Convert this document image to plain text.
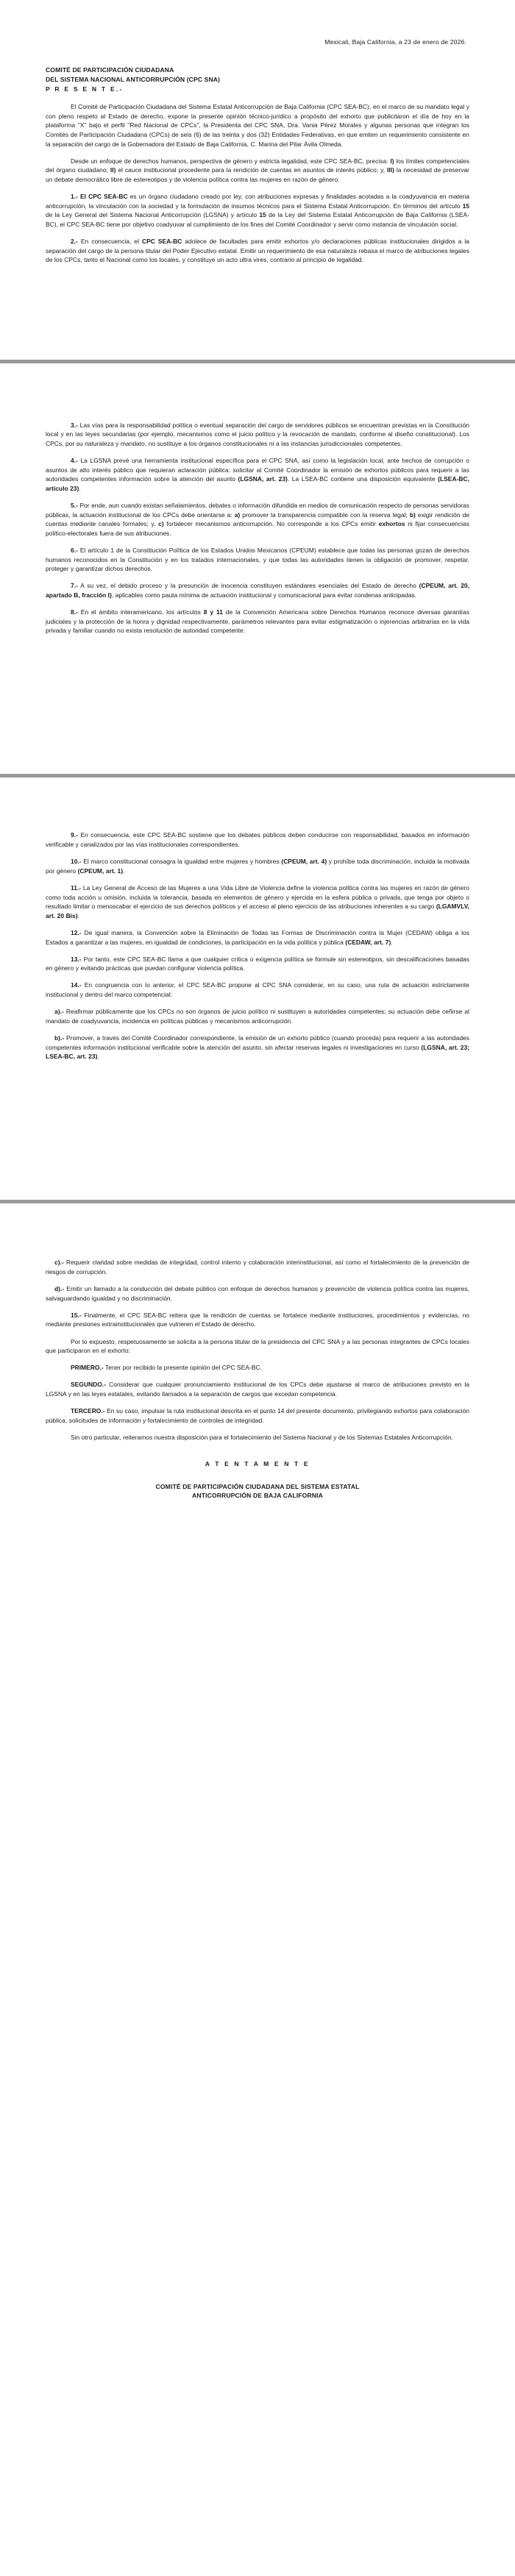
Mexicali, Baja California, a 23 de enero de 2026.
COMITÉ DE PARTICIPACIÓN CIUDADANA
DEL SISTEMA NACIONAL ANTICORRUPCIÓN (CPC SNA)
P R E S E N T E.-

El Comité de Participación Ciudadana del Sistema Estatal Anticorrupción de Baja California (CPC SEA-BC), en el marco de su mandato legal y con pleno respeto al Estado de derecho, expone la presente opinión técnico-jurídico a propósito del exhorto que publicitaron el día de hoy en la plataforma "X" bajo el perfil "Red Nacional de CPCs", la Presidenta del CPC SNA, Dra. Vania Pérez Morales y algunas personas que integran los Comités de Participación Ciudadana (CPCs) de seis (6) de las treinta y dos (32) Entidades Federativas, en que emiten un requerimiento consistente en la separación del cargo de la Gobernadora del Estado de Baja California, C. Marina del Pilar Ávila Olmeda.

Desde un enfoque de derechos humanos, perspectiva de género y estricta legalidad, este CPC SEA-BC, precisa: I) los límites competenciales del órgano ciudadano; II) el cauce institucional procedente para la rendición de cuentas en asuntos de interés público; y, III) la necesidad de preservar un debate democrático libre de estereotipos y de violencia política contra las mujeres en razón de género.

1.- El CPC SEA-BC es un órgano ciudadano creado por ley, con atribuciones expresas y finalidades acotadas a la coadyuvancia en materia anticorrupción, la vinculación con la sociedad y la formulación de insumos técnicos para el Sistema Estatal Anticorrupción. En términos del artículo 15 de la Ley General del Sistema Nacional Anticorrupción (LGSNA) y artículo 15 de la Ley del Sistema Estatal Anticorrupción de Baja California (LSEA-BC), el CPC SEA-BC tiene por objetivo coadyuvar al cumplimiento de los fines del Comité Coordinador y servir como instancia de vinculación social.

2.- En consecuencia, el CPC SEA-BC adolece de facultades para emitir exhortos y/o declaraciones públicas institucionales dirigidos a la separación del cargo de la persona titular del Poder Ejecutivo estatal. Emitir un requerimiento de esa naturaleza rebasa el marco de atribuciones legales de los CPCs, tanto el Nacional como los locales, y constituye un acto ultra vires, contrario al principio de legalidad.

3.- Las vías para la responsabilidad política o eventual separación del cargo de servidores públicos se encuentran previstas en la Constitución local y en las leyes secundarias (por ejemplo, mecanismos como el juicio político y la revocación de mandato, conforme al diseño constitucional). Los CPCs, por su naturaleza y mandato, no sustituye a los órganos constitucionales ni a las instancias jurisdiccionales competentes.

4.- La LGSNA prevé una herramienta institucional específica para el CPC SNA, así como la legislación local, ante hechos de corrupción o asuntos de alto interés público que requieran aclaración pública: solicitar al Comité Coordinador la emisión de exhortos públicos para requerir a las autoridades competentes información sobre la atención del asunto (LGSNA, art. 23). La LSEA-BC contiene una disposición equivalente (LSEA-BC, artículo 23).

5.- Por ende, aun cuando existan señalamientos, debates o información difundida en medios de comunicación respecto de personas servidoras públicas, la actuación institucional de los CPCs debe orientarse a: a) promover la transparencia compatible con la reserva legal; b) exigir rendición de cuentas mediante canales formales; y, c) fortalecer mecanismos anticorrupción. No corresponde a los CPCs emitir exhortos ni fijar consecuencias político-electorales fuera de sus atribuciones.

6.- El artículo 1 de la Constitución Política de los Estados Unidos Mexicanos (CPEUM) establece que todas las personas gozan de derechos humanos reconocidos en la Constitución y en los tratados internacionales, y que todas las autoridades tienen la obligación de promover, respetar, proteger y garantizar dichos derechos.

7.- A su vez, el debido proceso y la presunción de inocencia constituyen estándares esenciales del Estado de derecho (CPEUM, art. 20, apartado B, fracción I), aplicables como pauta mínima de actuación institucional y comunicacional para evitar condenas anticipadas.

8.- En el ámbito interamericano, los artículos 8 y 11 de la Convención Americana sobre Derechos Humanos reconoce diversas garantías judiciales y la protección de la honra y dignidad respectivamente, parámetros relevantes para evitar estigmatización o injerencias arbitrarias en la vida privada y familiar cuando no exista resolución de autoridad competente.

9.- En consecuencia, este CPC SEA-BC sostiene que los debates públicos deben conducirse con responsabilidad, basados en información verificable y canalizados por las vías institucionales correspondientes.

10.- El marco constitucional consagra la igualdad entre mujeres y hombres (CPEUM, art. 4) y prohíbe toda discriminación, incluida la motivada por género (CPEUM, art. 1).

11.- La Ley General de Acceso de las Mujeres a una Vida Libre de Violencia define la violencia política contra las mujeres en razón de género como toda acción u omisión, incluida la tolerancia, basada en elementos de género y ejercida en la esfera pública o privada, que tenga por objeto o resultado limitar o menoscabar el ejercicio de sus derechos políticos y el acceso al pleno ejercicio de las atribuciones inherentes a su cargo (LGAMVLV, art. 20 Bis).

12.- De igual manera, la Convención sobre la Eliminación de Todas las Formas de Discriminación contra la Mujer (CEDAW) obliga a los Estados a garantizar a las mujeres, en igualdad de condiciones, la participación en la vida política y pública (CEDAW, art. 7).

13.- Por tanto, este CPC SEA-BC llama a que cualquier crítica o exigencia política se formule sin estereotipos, sin descalificaciones basadas en género y evitando prácticas que puedan configurar violencia política.

14.- En congruencia con lo anterior, el CPC SEA-BC propone al CPC SNA considerar, en su caso, una ruta de actuación estrictamente institucional y dentro del marco competencial:

a).- Reafirmar públicamente que los CPCs no son órganos de juicio político ni sustituyen a autoridades competentes; su actuación debe ceñirse al mandato de coadyuvancia, incidencia en políticas públicas y mecanismos anticorrupción.

b).- Promover, a través del Comité Coordinador correspondiente, la emisión de un exhorto público (cuando proceda) para requerir a las autoridades competentes información institucional verificable sobre la atención del asunto, sin afectar reservas legales ni investigaciones en curso (LGSNA, art. 23; LSEA-BC, art. 23).

c).- Requerir claridad sobre medidas de integridad, control interno y colaboración interinstitucional, así como el fortalecimiento de la prevención de riesgos de corrupción.

d).- Emitir un llamado a la conducción del debate público con enfoque de derechos humanos y prevención de violencia política contra las mujeres, salvaguardando igualdad y no discriminación.

15.- Finalmente, el CPC SEA-BC reitera que la rendición de cuentas se fortalece mediante instituciones, procedimientos y evidencias, no mediante presiones extrainstitucionales que vulneren el Estado de derecho.

Por lo expuesto, respetuosamente se solicita a la persona titular de la presidencia del CPC SNA y a las personas integrantes de CPCs locales que participaron en el exhorto:

PRIMERO.- Tener por recibido la presente opinión del CPC SEA-BC.

SEGUNDO.- Considerar que cualquier pronunciamiento institucional de los CPCs debe ajustarse al marco de atribuciones previsto en la LGSNA y en las leyes estatales, evitando llamados a la separación de cargos que excedan competencia.

TERCERO.- En su caso, impulsar la ruta institucional descrita en el punto 14 del presente documento, privilegiando exhortos para colaboración pública, solicitudes de información y fortalecimiento de controles de integridad.

Sin otro particular, reiteramos nuestra disposición para el fortalecimiento del Sistema Nacional y de los Sistemas Estatales Anticorrupción.

A T E N T A M E N T E
COMITÉ DE PARTICIPACIÓN CIUDADANA DEL SISTEMA ESTATAL
ANTICORRUPCIÓN DE BAJA CALIFORNIA
